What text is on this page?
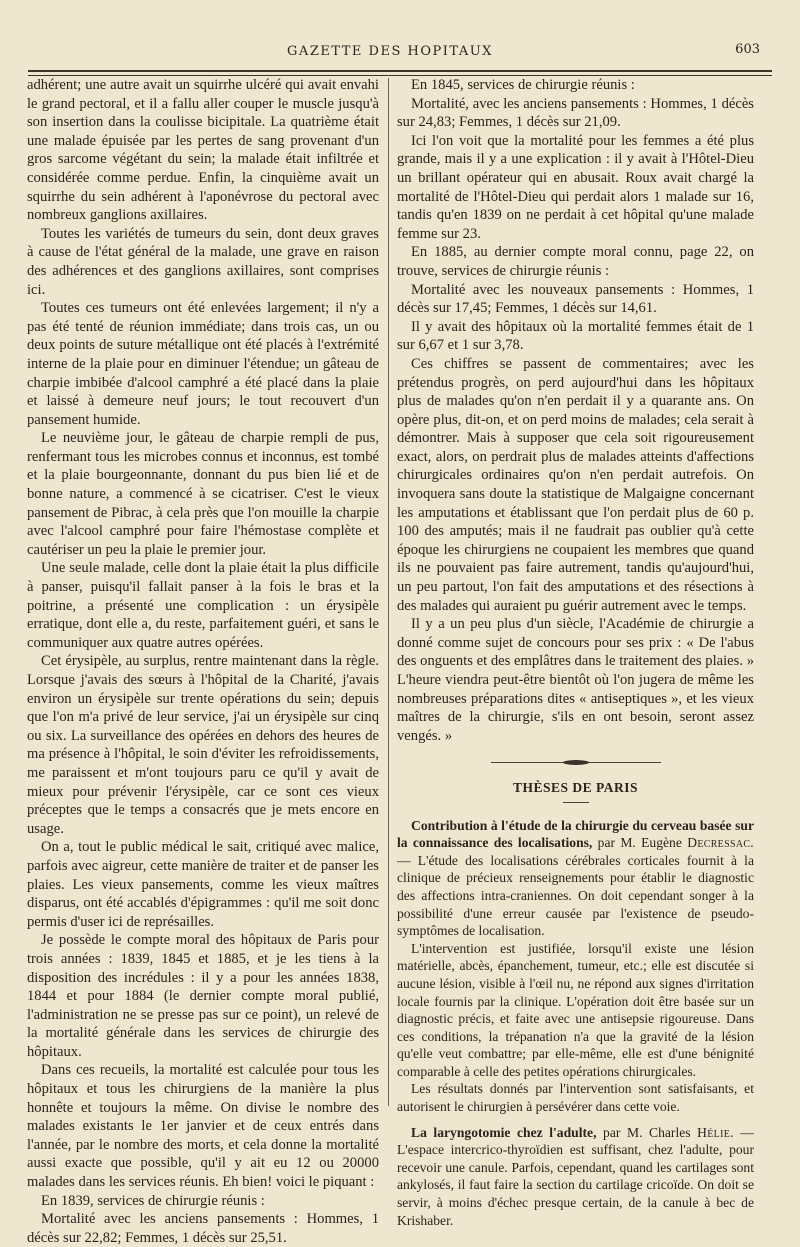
GAZETTE DES HOPITAUX	603

adhérent; une autre avait un squirrhe ulcéré qui avait envahi le grand pectoral, et il a fallu aller couper le muscle jusqu'à son insertion dans la coulisse bicipitale. La quatrième était une malade épuisée par les pertes de sang provenant d'un gros sarcome végétant du sein; la malade était infiltrée et considérée comme perdue. Enfin, la cinquième avait un squirrhe du sein adhérent à l'aponévrose du pectoral avec nombreux ganglions axillaires.

Toutes les variétés de tumeurs du sein, dont deux graves à cause de l'état général de la malade, une grave en raison des adhérences et des ganglions axillaires, sont comprises ici.

Toutes ces tumeurs ont été enlevées largement; il n'y a pas été tenté de réunion immédiate; dans trois cas, un ou deux points de suture métallique ont été placés à l'extrémité interne de la plaie pour en diminuer l'étendue; un gâteau de charpie imbibée d'alcool camphré a été placé dans la plaie et laissé à demeure neuf jours; le tout recouvert d'un pansement humide.

Le neuvième jour, le gâteau de charpie rempli de pus, renfermant tous les microbes connus et inconnus, est tombé et la plaie bourgeonnante, donnant du pus bien lié et de bonne nature, a commencé à se cicatriser. C'est le vieux pansement de Pibrac, à cela près que l'on mouille la charpie avec l'alcool camphré pour faire l'hémostase complète et cautériser un peu la plaie le premier jour.

Une seule malade, celle dont la plaie était la plus difficile à panser, puisqu'il fallait panser à la fois le bras et la poitrine, a présenté une complication : un érysipèle erratique, dont elle a, du reste, parfaitement guéri, et sans le communiquer aux quatre autres opérées.

Cet érysipèle, au surplus, rentre maintenant dans la règle. Lorsque j'avais des sœurs à l'hôpital de la Charité, j'avais environ un érysipèle sur trente opérations du sein; depuis que l'on m'a privé de leur service, j'ai un érysipèle sur cinq ou six. La surveillance des opérées en dehors des heures de ma présence à l'hôpital, le soin d'éviter les refroidissements, me paraissent et m'ont toujours paru ce qu'il y avait de mieux pour prévenir l'érysipèle, car ce sont ces vieux préceptes que le temps a consacrés que je mets encore en usage.

On a, tout le public médical le sait, critiqué avec malice, parfois avec aigreur, cette manière de traiter et de panser les plaies. Les vieux pansements, comme les vieux maîtres disparus, ont été accablés d'épigrammes : qu'il me soit donc permis d'user ici de représailles.

Je possède le compte moral des hôpitaux de Paris pour trois années : 1839, 1845 et 1885, et je les tiens à la disposition des incrédules : il y a pour les années 1838, 1844 et pour 1884 (le dernier compte moral publié, l'administration ne se presse pas sur ce point), un relevé de la mortalité générale dans les services de chirurgie des hôpitaux.

Dans ces recueils, la mortalité est calculée pour tous les hôpitaux et tous les chirurgiens de la manière la plus honnête et toujours la même. On divise le nombre des malades existants le 1er janvier et de ceux entrés dans l'année, par le nombre des morts, et cela donne la mortalité aussi exacte que possible, qu'il y ait eu 12 ou 20000 malades dans les services réunis. Eh bien! voici le piquant :

En 1839, services de chirurgie réunis :

Mortalité avec les anciens pansements : Hommes, 1 décès sur 22,82; Femmes, 1 décès sur 25,51.

En 1845, services de chirurgie réunis :

Mortalité, avec les anciens pansements : Hommes, 1 décès sur 24,83; Femmes, 1 décès sur 21,09.

Ici l'on voit que la mortalité pour les femmes a été plus grande, mais il y a une explication : il y avait à l'Hôtel-Dieu un brillant opérateur qui en abusait. Roux avait chargé la mortalité de l'Hôtel-Dieu qui perdait alors 1 malade sur 16, tandis qu'en 1839 on ne perdait à cet hôpital qu'une malade femme sur 23.

En 1885, au dernier compte moral connu, page 22, on trouve, services de chirurgie réunis :

Mortalité avec les nouveaux pansements : Hommes, 1 décès sur 17,45; Femmes, 1 décès sur 14,61.

Il y avait des hôpitaux où la mortalité femmes était de 1 sur 6,67 et 1 sur 3,78.

Ces chiffres se passent de commentaires; avec les prétendus progrès, on perd aujourd'hui dans les hôpitaux plus de malades qu'on n'en perdait il y a quarante ans. On opère plus, dit-on, et on perd moins de malades; cela serait à démontrer. Mais à supposer que cela soit rigoureusement exact, alors, on perdrait plus de malades atteints d'affections chirurgicales ordinaires qu'on n'en perdait autrefois. On invoquera sans doute la statistique de Malgaigne concernant les amputations et établissant que l'on perdait plus de 60 p. 100 des amputés; mais il ne faudrait pas oublier qu'à cette époque les chirurgiens ne coupaient les membres que quand ils ne pouvaient pas faire autrement, tandis qu'aujourd'hui, un peu partout, l'on fait des amputations et des résections à des malades qui auraient pu guérir autrement avec le temps.

Il y a un peu plus d'un siècle, l'Académie de chirurgie a donné comme sujet de concours pour ses prix : « De l'abus des onguents et des emplâtres dans le traitement des plaies. » L'heure viendra peut-être bientôt où l'on jugera de même les nombreuses préparations dites « antiseptiques », et les vieux maîtres de la chirurgie, s'ils en ont besoin, seront assez vengés. »

THÈSES DE PARIS

Contribution à l'étude de la chirurgie du cerveau basée sur la connaissance des localisations, par M. Eugène Decressac. — L'étude des localisations cérébrales corticales fournit à la clinique de précieux renseignements pour établir le diagnostic des affections intra-craniennes. On doit cependant songer à la possibilité d'une erreur causée par l'existence de pseudo-symptômes de localisation.

L'intervention est justifiée, lorsqu'il existe une lésion matérielle, abcès, épanchement, tumeur, etc.; elle est discutée si aucune lésion, visible à l'œil nu, ne répond aux signes d'irritation locale fournis par la clinique. L'opération doit être basée sur un diagnostic précis, et faite avec une antisepsie rigoureuse. Dans ces conditions, la trépanation n'a que la gravité de la lésion qu'elle veut combattre; par elle-même, elle est d'une bénignité comparable à celle des petites opérations chirurgicales.

Les résultats donnés par l'intervention sont satisfaisants, et autorisent le chirurgien à persévérer dans cette voie.

La laryngotomie chez l'adulte, par M. Charles Hélie. — L'espace intercrico-thyroïdien est suffisant, chez l'adulte, pour recevoir une canule. Parfois, cependant, quand les cartilages sont ankylosés, il faut faire la section du cartilage cricoïde. On doit se servir, à moins d'échec presque certain, de la canule à bec de Krishaber.
